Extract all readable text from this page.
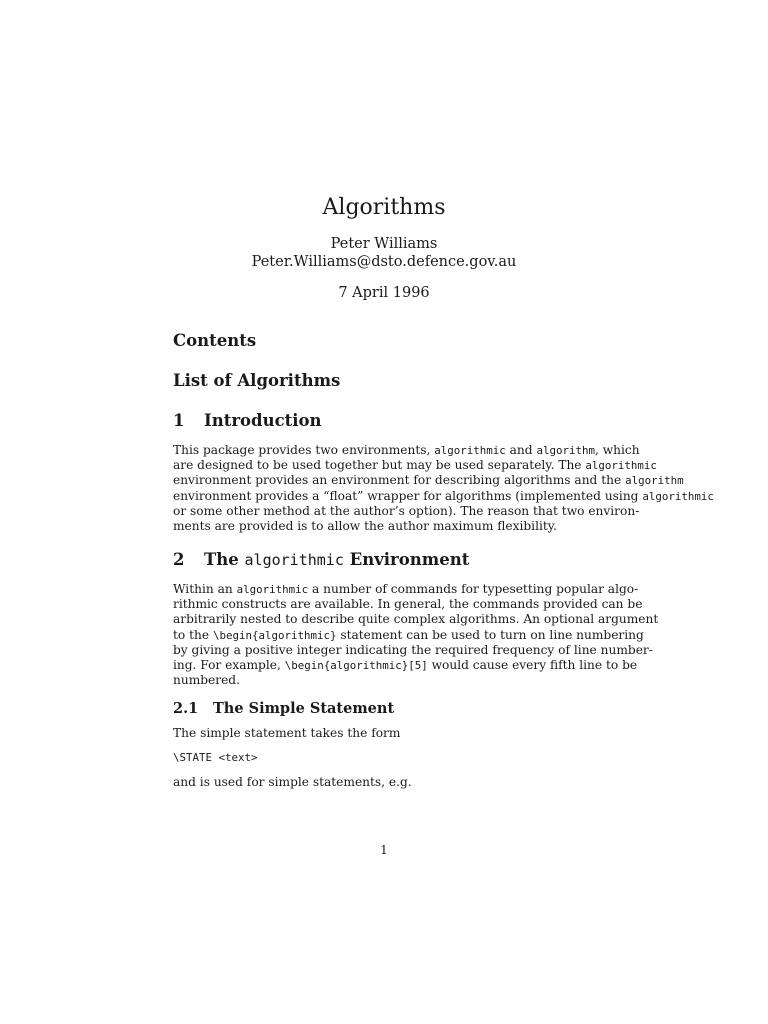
Algorithms
Peter Williams
Peter.Williams@dsto.defence.gov.au
7 April 1996
Contents
List of Algorithms
1 Introduction
This package provides two environments, algorithmic and algorithm, which
are designed to be used together but may be used separately. The algorithmic
environment provides an environment for describing algorithms and the algorithm
environment provides a “float” wrapper for algorithms (implemented using algorithmic
or some other method at the author’s option). The reason that two environ-
ments are provided is to allow the author maximum flexibility.
2 The algorithmic Environment
Within an algorithmic a number of commands for typesetting popular algo-
rithmic constructs are available. In general, the commands provided can be
arbitrarily nested to describe quite complex algorithms. An optional argument
to the \begin{algorithmic} statement can be used to turn on line numbering
by giving a positive integer indicating the required frequency of line number-
ing. For example, \begin{algorithmic}[5] would cause every fifth line to be
numbered.
2.1 The Simple Statement
The simple statement takes the form
\STATE <text>
and is used for simple statements, e.g.
1
